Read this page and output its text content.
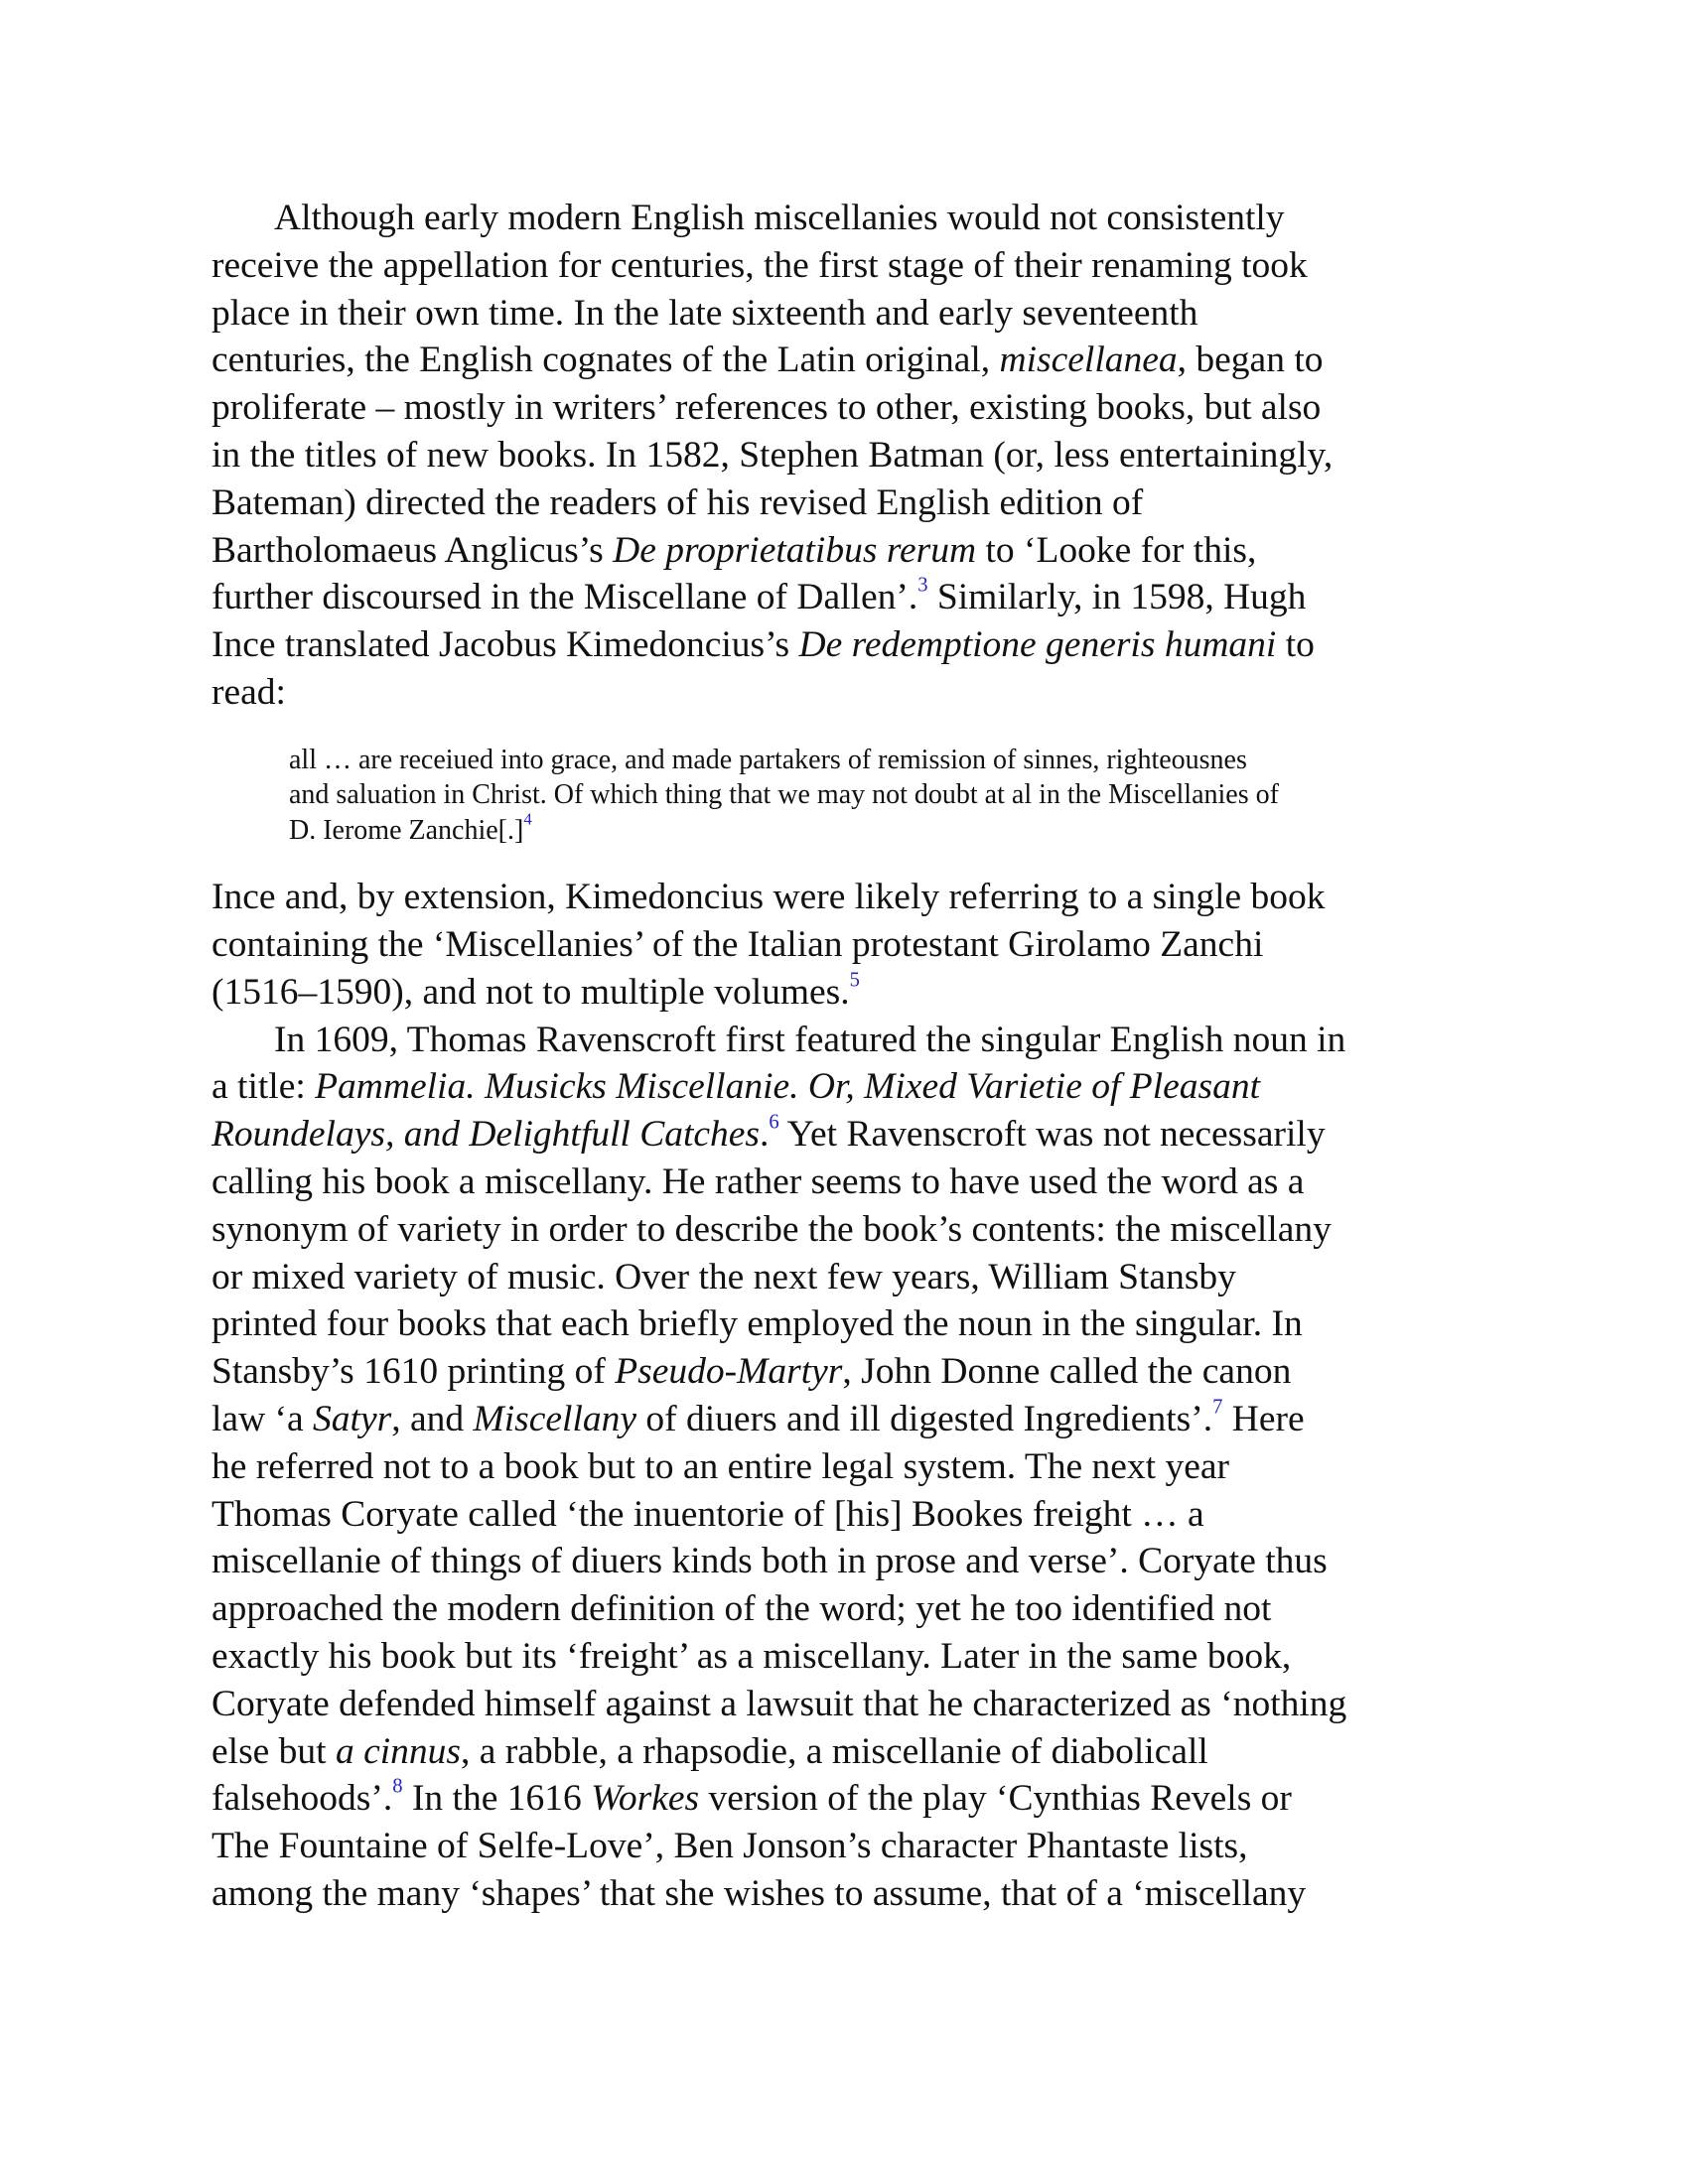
Although early modern English miscellanies would not consistently
receive the appellation for centuries, the first stage of their renaming took
place in their own time. In the late sixteenth and early seventeenth
centuries, the English cognates of the Latin original, miscellanea, began to
proliferate – mostly in writers’ references to other, existing books, but also
in the titles of new books. In 1582, Stephen Batman (or, less entertainingly,
Bateman) directed the readers of his revised English edition of
Bartholomaeus Anglicus’s De proprietatibus rerum to ‘Looke for this,
further discoursed in the Miscellane of Dallen’.$^3$ Similarly, in 1598, Hugh
Ince translated Jacobus Kimedoncius’s De redemptione generis humani to
read:

all … are receiued into grace, and made partakers of remission of sinnes, righteousnes
and saluation in Christ. Of which thing that we may not doubt at al in the Miscellanies of
D. Ierome Zanchie[.]$^4$

Ince and, by extension, Kimedoncius were likely referring to a single book
containing the ‘Miscellanies’ of the Italian protestant Girolamo Zanchi
(1516–1590), and not to multiple volumes.$^5$

In 1609, Thomas Ravenscroft first featured the singular English noun in
a title: Pammelia. Musicks Miscellanie. Or, Mixed Varietie of Pleasant
Roundelays, and Delightfull Catches.$^6$ Yet Ravenscroft was not necessarily
calling his book a miscellany. He rather seems to have used the word as a
synonym of variety in order to describe the book’s contents: the miscellany
or mixed variety of music. Over the next few years, William Stansby
printed four books that each briefly employed the noun in the singular. In
Stansby’s 1610 printing of Pseudo-Martyr, John Donne called the canon
law ‘a Satyr, and Miscellany of diuers and ill digested Ingredients’.$^7$ Here
he referred not to a book but to an entire legal system. The next year
Thomas Coryate called ‘the inuentorie of [his] Bookes freight … a
miscellanie of things of diuers kinds both in prose and verse’. Coryate thus
approached the modern definition of the word; yet he too identified not
exactly his book but its ‘freight’ as a miscellany. Later in the same book,
Coryate defended himself against a lawsuit that he characterized as ‘nothing
else but a cinnus, a rabble, a rhapsodie, a miscellanie of diabolicall
falsehoods’.$^8$ In the 1616 Workes version of the play ‘Cynthias Revels or
The Fountaine of Selfe-Love’, Ben Jonson’s character Phantaste lists,
among the many ‘shapes’ that she wishes to assume, that of a ‘miscellany
